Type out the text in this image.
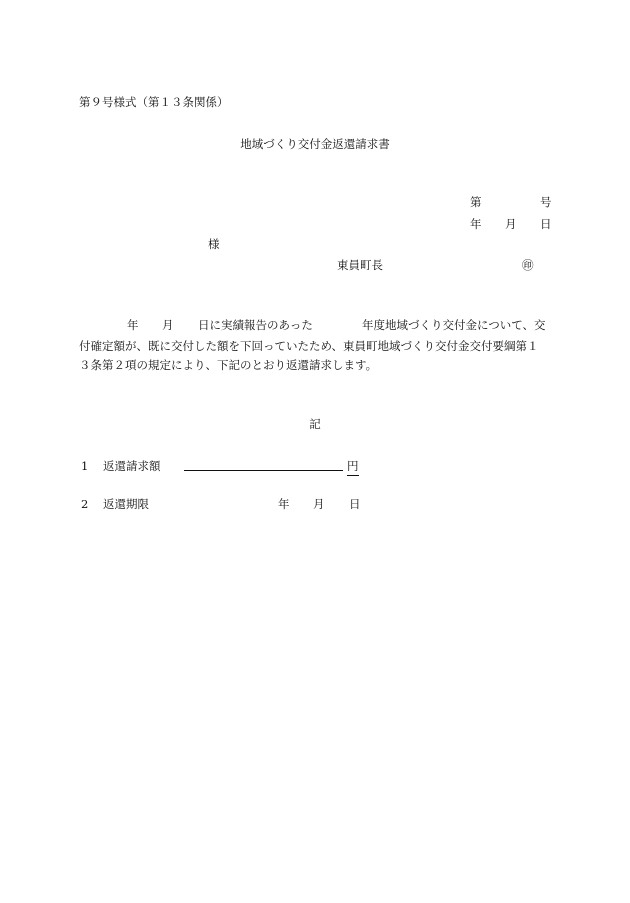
第９号様式（第１３条関係）
地域づくり交付金返還請求書
第	号
年 月 日
様
東員町長	㊞
年 月 日に実績報告のあった	年度地域づくり交付金について、交
付確定額が、既に交付した額を下回っていたため、東員町地域づくり交付金交付要綱第１
３条第２項の規定により、下記のとおり返還請求します。
記
1 返還請求額	円
2 返還期限	年 月 日
